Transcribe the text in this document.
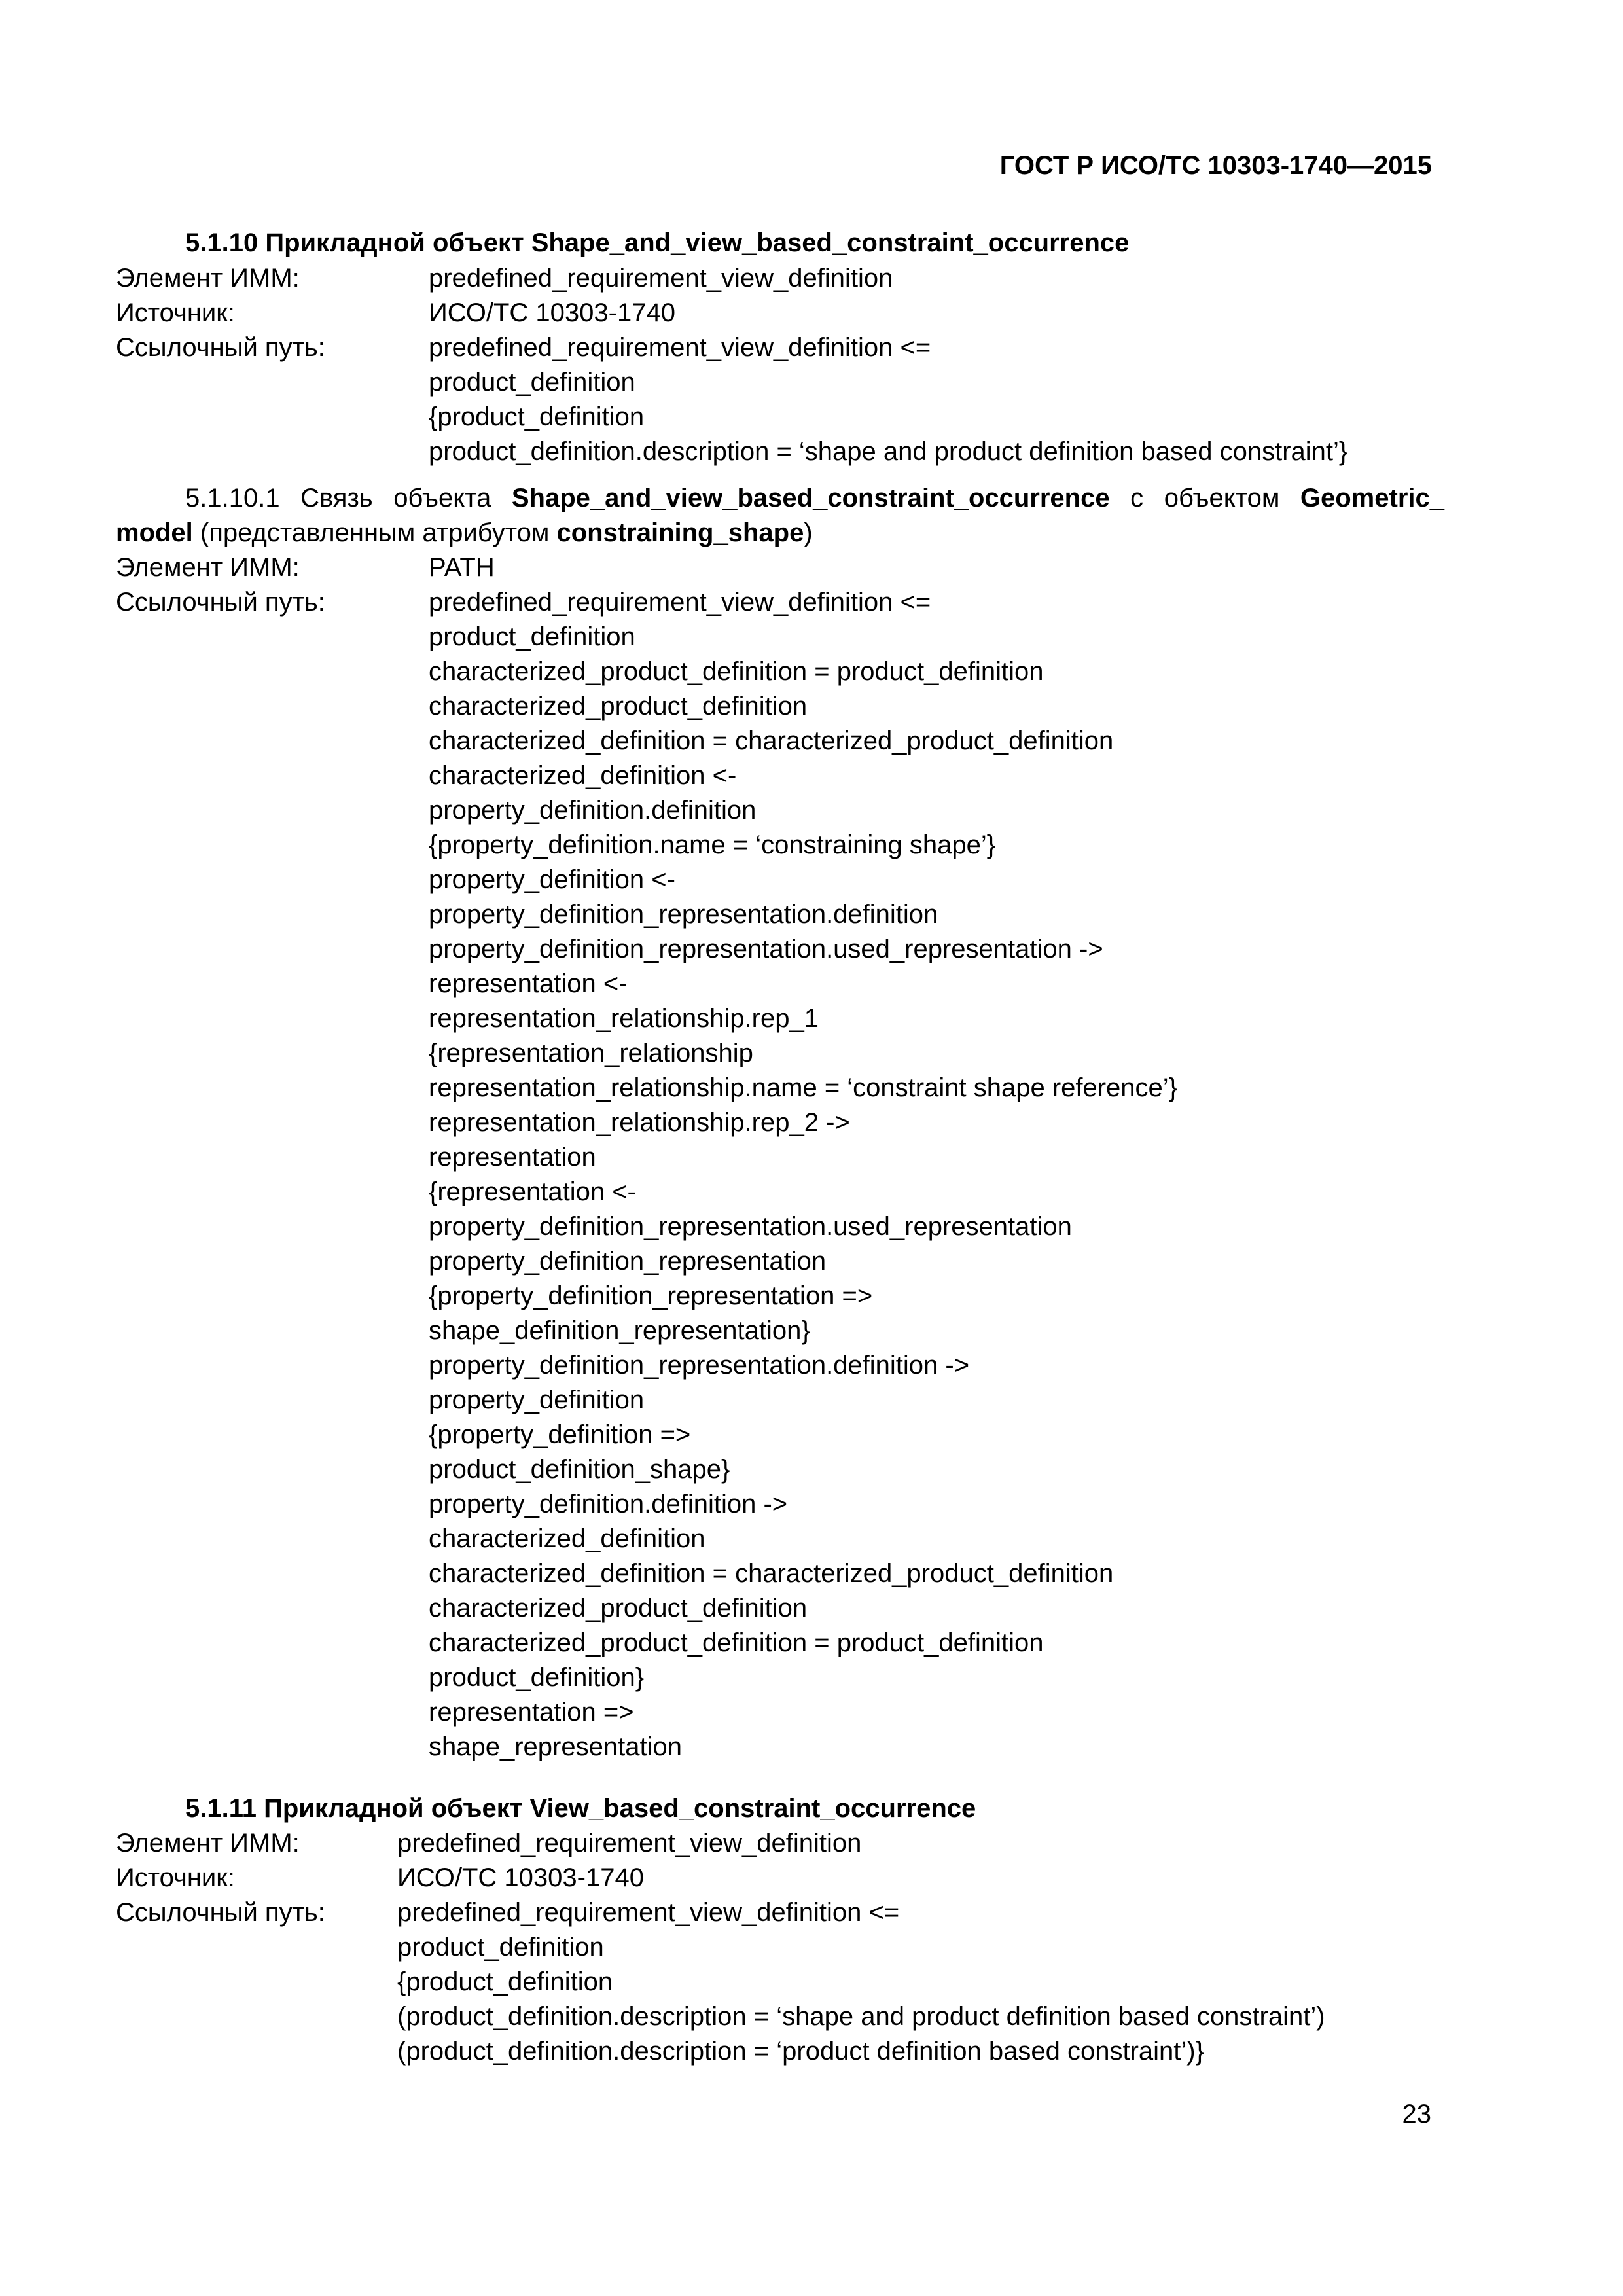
ГОСТ Р ИСО/ТС 10303-1740—2015
5.1.10 Прикладной объект Shape_and_view_based_constraint_occurrence
Элемент ИММ:	predefined_requirement_view_definition
Источник:	ИСО/ТС 10303-1740
Ссылочный путь:	predefined_requirement_view_definition <=
product_definition
{product_definition
product_definition.description = ‘shape and product definition based constraint’}
5.1.10.1 Связь объекта Shape_and_view_based_constraint_occurrence с объектом Geometric_
model (представленным атрибутом constraining_shape)
Элемент ИММ:	PATH
Ссылочный путь:	predefined_requirement_view_definition <=
product_definition
characterized_product_definition = product_definition
characterized_product_definition
characterized_definition = characterized_product_definition
characterized_definition <-
property_definition.definition
{property_definition.name = ‘constraining shape’}
property_definition <-
property_definition_representation.definition
property_definition_representation.used_representation ->
representation <-
representation_relationship.rep_1
{representation_relationship
representation_relationship.name = ‘constraint shape reference’}
representation_relationship.rep_2 ->
representation
{representation <-
property_definition_representation.used_representation
property_definition_representation
{property_definition_representation =>
shape_definition_representation}
property_definition_representation.definition ->
property_definition
{property_definition =>
product_definition_shape}
property_definition.definition ->
characterized_definition
characterized_definition = characterized_product_definition
characterized_product_definition
characterized_product_definition = product_definition
product_definition}
representation =>
shape_representation
5.1.11 Прикладной объект View_based_constraint_occurrence
Элемент ИММ:	predefined_requirement_view_definition
Источник:	ИСО/ТС 10303-1740
Ссылочный путь:	predefined_requirement_view_definition <=
product_definition
{product_definition
(product_definition.description = ‘shape and product definition based constraint’)
(product_definition.description = ‘product definition based constraint’)}
23
